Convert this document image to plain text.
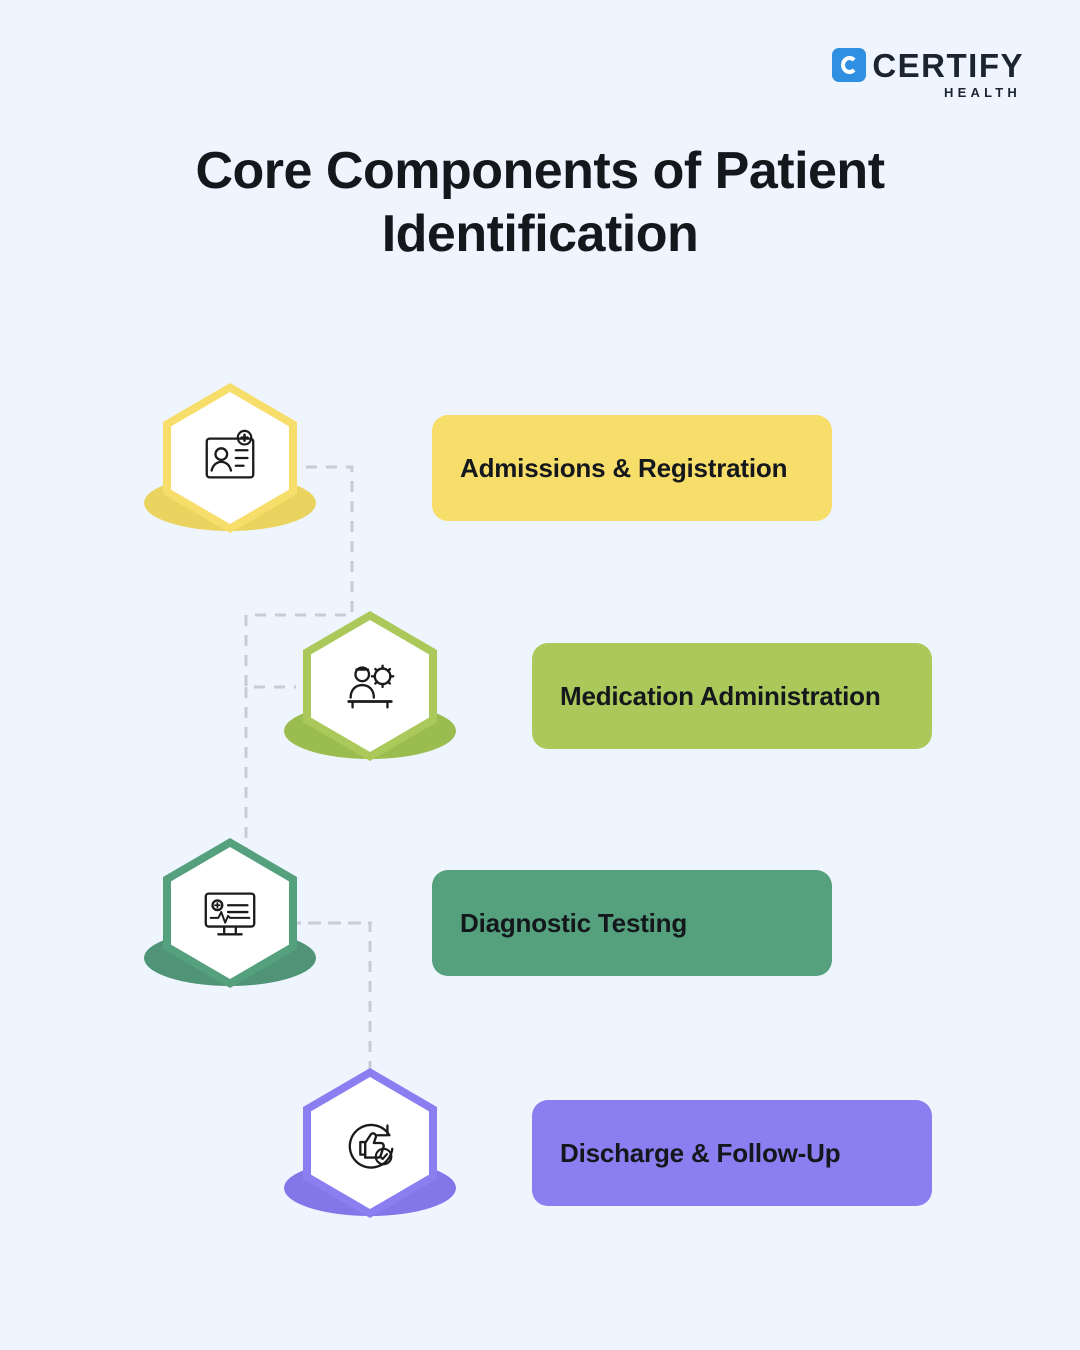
CERTIFY
HEALTH
Core Components of Patient Identification
Admissions & Registration
Medication Administration
Diagnostic Testing
Discharge & Follow-Up
